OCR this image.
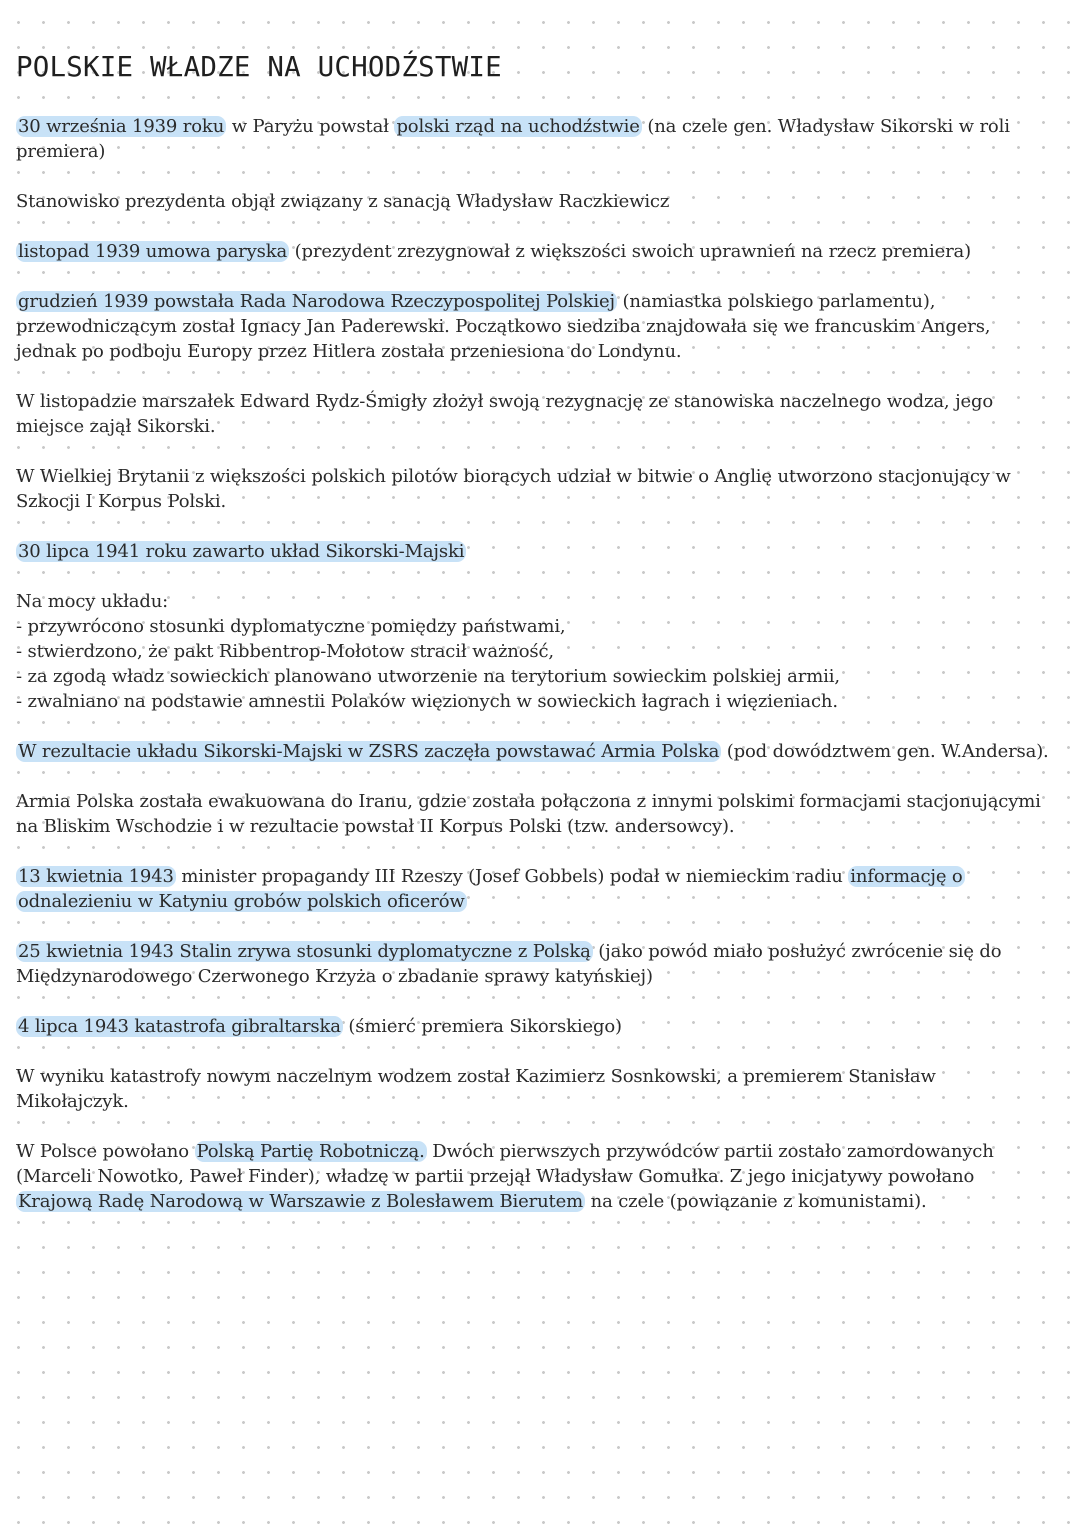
POLSKIE WŁADZE NA UCHODŹSTWIE
30 września 1939 roku w Paryżu powstał polski rząd na uchodźstwie (na czele gen. Władysław Sikorski w roli premiera)
Stanowisko prezydenta objął związany z sanacją Władysław Raczkiewicz
listopad 1939 umowa paryska (prezydent zrezygnował z większości swoich uprawnień na rzecz premiera)
grudzień 1939 powstała Rada Narodowa Rzeczypospolitej Polskiej (namiastka polskiego parlamentu), przewodniczącym został Ignacy Jan Paderewski. Początkowo siedziba znajdowała się we francuskim Angers, jednak po podboju Europy przez Hitlera została przeniesiona do Londynu.
W listopadzie marszałek Edward Rydz-Śmigły złożył swoją rezygnację ze stanowiska naczelnego wodza, jego miejsce zajął Sikorski.
W Wielkiej Brytanii z większości polskich pilotów biorących udział w bitwie o Anglię utworzono stacjonujący w Szkocji I Korpus Polski.
30 lipca 1941 roku zawarto układ Sikorski-Majski
Na mocy układu:
- przywrócono stosunki dyplomatyczne pomiędzy państwami,
- stwierdzono, że pakt Ribbentrop-Mołotow stracił ważność,
- za zgodą władz sowieckich planowano utworzenie na terytorium sowieckim polskiej armii,
- zwalniano na podstawie amnestii Polaków więzionych w sowieckich łagrach i więzieniach.
W rezultacie układu Sikorski-Majski w ZSRS zaczęła powstawać Armia Polska (pod dowództwem gen. W.Andersa).
Armia Polska została ewakuowana do Iranu, gdzie została połączona z innymi polskimi formacjami stacjonującymi na Bliskim Wschodzie i w rezultacie powstał II Korpus Polski (tzw. andersowcy).
13 kwietnia 1943 minister propagandy III Rzeszy (Josef Gobbels) podał w niemieckim radiu informację o odnalezieniu w Katyniu grobów polskich oficerów
25 kwietnia 1943 Stalin zrywa stosunki dyplomatyczne z Polską (jako powód miało posłużyć zwrócenie się do Międzynarodowego Czerwonego Krzyża o zbadanie sprawy katyńskiej)
4 lipca 1943 katastrofa gibraltarska (śmierć premiera Sikorskiego)
W wyniku katastrofy nowym naczelnym wodzem został Kazimierz Sosnkowski, a premierem Stanisław Mikołajczyk.
W Polsce powołano Polską Partię Robotniczą. Dwóch pierwszych przywódców partii zostało zamordowanych (Marceli Nowotko, Paweł Finder), władzę w partii przejął Władysław Gomułka. Z jego inicjatywy powołano Krajową Radę Narodową w Warszawie z Bolesławem Bierutem na czele (powiązanie z komunistami).
